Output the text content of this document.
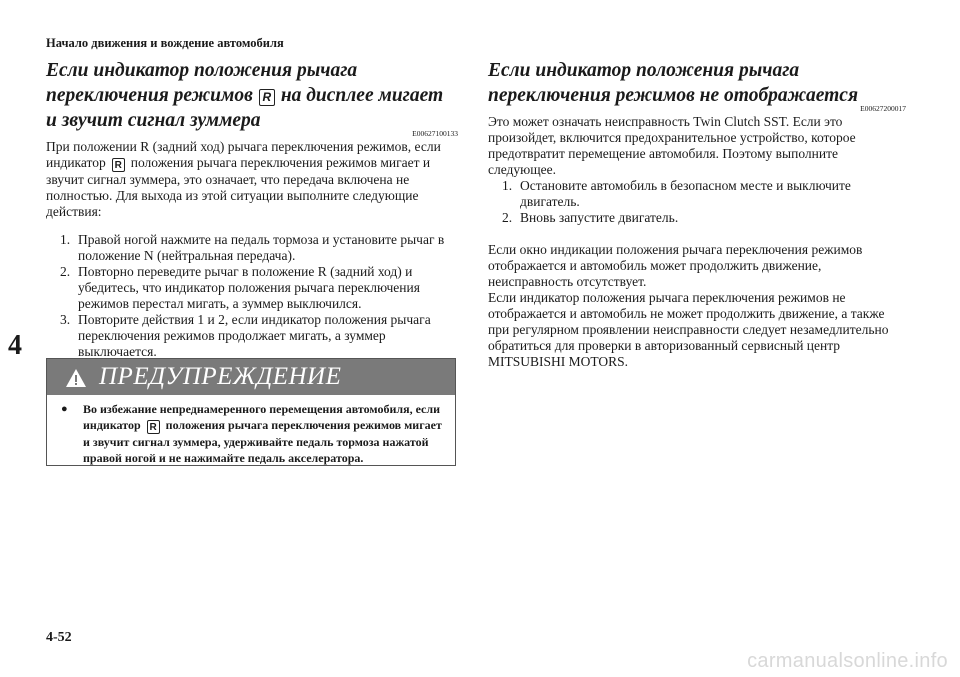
Начало движения и вождение автомобиля
4
Если индикатор положения рычага переключения режимов R на дисплее мигает и звучит сигнал зуммера
E00627100133

При положении R (задний ход) рычага переключения режимов, если индикатор R положения рычага переключения режимов мигает и звучит сигнал зуммера, это означает, что передача включена не полностью. Для выхода из этой ситуации выполните следующие действия:

1. Правой ногой нажмите на педаль тормоза и установите рычаг в положение N (нейтральная передача).
2. Повторно переведите рычаг в положение R (задний ход) и убедитесь, что индикатор положения рычага переключения режимов перестал мигать, а зуммер выключился.
3. Повторите действия 1 и 2, если индикатор положения рычага переключения режимов продолжает мигать, а зуммер выключается.
ПРЕДУПРЕЖДЕНИЕ
●	Во избежание непреднамеренного перемещения автомобиля, если индикатор R положения рычага переключения режимов мигает и звучит сигнал зуммера, удерживайте педаль тормоза нажатой правой ногой и не нажимайте педаль акселератора.
Если индикатор положения рычага переключения режимов не отображается
E00627200017

Это может означать неисправность Twin Clutch SST. Если это произойдет, включится предохранительное устройство, которое предотвратит перемещение автомобиля. Поэтому выполните следующее.

1. Остановите автомобиль в безопасном месте и выключите двигатель.
2. Вновь запустите двигатель.

Если окно индикации положения рычага переключения режимов отображается и автомобиль может продолжить движение, неисправность отсутствует.

Если индикатор положения рычага переключения режимов не отображается и автомобиль не может продолжить движение, а также при регулярном проявлении неисправности следует незамедлительно обратиться для проверки в авторизованный сервисный центр MITSUBISHI MOTORS.

4-52
carmanualsonline.info
